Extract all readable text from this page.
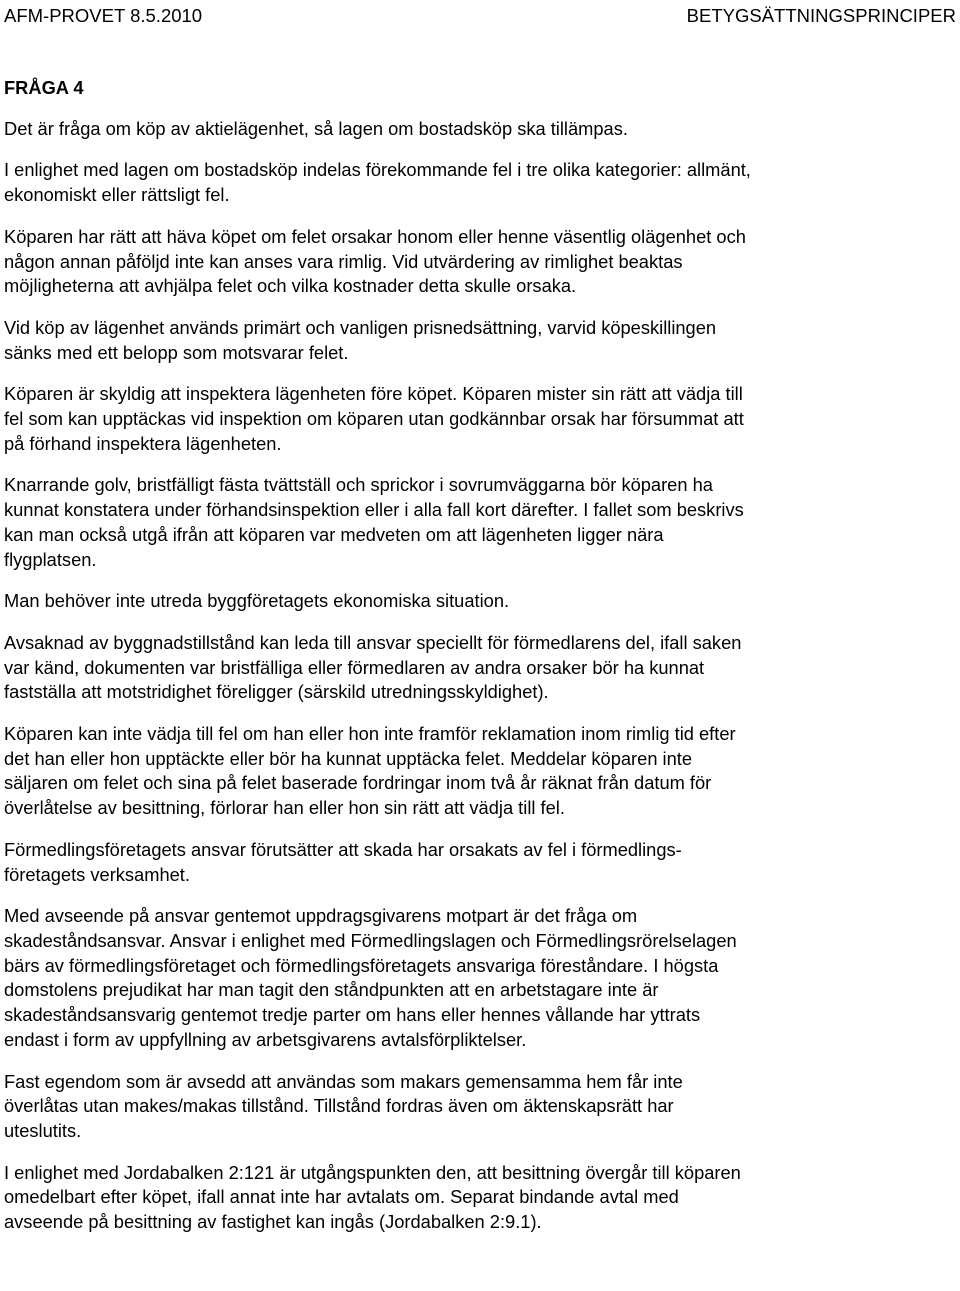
AFM-PROVET 8.5.2010	BETYGSÄTTNINGSPRINCIPER
FRÅGA 4

Det är fråga om köp av aktielägenhet, så lagen om bostadsköp ska tillämpas.

I enlighet med lagen om bostadsköp indelas förekommande fel i tre olika kategorier: allmänt,
ekonomiskt eller rättsligt fel.

Köparen har rätt att häva köpet om felet orsakar honom eller henne väsentlig olägenhet och
någon annan påföljd inte kan anses vara rimlig. Vid utvärdering av rimlighet beaktas
möjligheterna att avhjälpa felet och vilka kostnader detta skulle orsaka.

Vid köp av lägenhet används primärt och vanligen prisnedsättning, varvid köpeskillingen
sänks med ett belopp som motsvarar felet.

Köparen är skyldig att inspektera lägenheten före köpet. Köparen mister sin rätt att vädja till
fel som kan upptäckas vid inspektion om köparen utan godkännbar orsak har försummat att
på förhand inspektera lägenheten.

Knarrande golv, bristfälligt fästa tvättställ och sprickor i sovrumväggarna bör köparen ha
kunnat konstatera under förhandsinspektion eller i alla fall kort därefter. I fallet som beskrivs
kan man också utgå ifrån att köparen var medveten om att lägenheten ligger nära
flygplatsen.

Man behöver inte utreda byggföretagets ekonomiska situation.

Avsaknad av byggnadstillstånd kan leda till ansvar speciellt för förmedlarens del, ifall saken
var känd, dokumenten var bristfälliga eller förmedlaren av andra orsaker bör ha kunnat
fastställa att motstridighet föreligger (särskild utredningsskyldighet).

Köparen kan inte vädja till fel om han eller hon inte framför reklamation inom rimlig tid efter
det han eller hon upptäckte eller bör ha kunnat upptäcka felet. Meddelar köparen inte
säljaren om felet och sina på felet baserade fordringar inom två år räknat från datum för
överlåtelse av besittning, förlorar han eller hon sin rätt att vädja till fel.

Förmedlingsföretagets ansvar förutsätter att skada har orsakats av fel i förmedlings-
företagets verksamhet.

Med avseende på ansvar gentemot uppdragsgivarens motpart är det fråga om
skadeståndsansvar. Ansvar i enlighet med Förmedlingslagen och Förmedlingsrörelselagen
bärs av förmedlingsföretaget och förmedlingsföretagets ansvariga föreståndare. I högsta
domstolens prejudikat har man tagit den ståndpunkten att en arbetstagare inte är
skadeståndsansvarig gentemot tredje parter om hans eller hennes vållande har yttrats
endast i form av uppfyllning av arbetsgivarens avtalsförpliktelser.

Fast egendom som är avsedd att användas som makars gemensamma hem får inte
överlåtas utan makes/makas tillstånd. Tillstånd fordras även om äktenskapsrätt har
uteslutits.

I enlighet med Jordabalken 2:121 är utgångspunkten den, att besittning övergår till köparen
omedelbart efter köpet, ifall annat inte har avtalats om. Separat bindande avtal med
avseende på besittning av fastighet kan ingås (Jordabalken 2:9.1).
